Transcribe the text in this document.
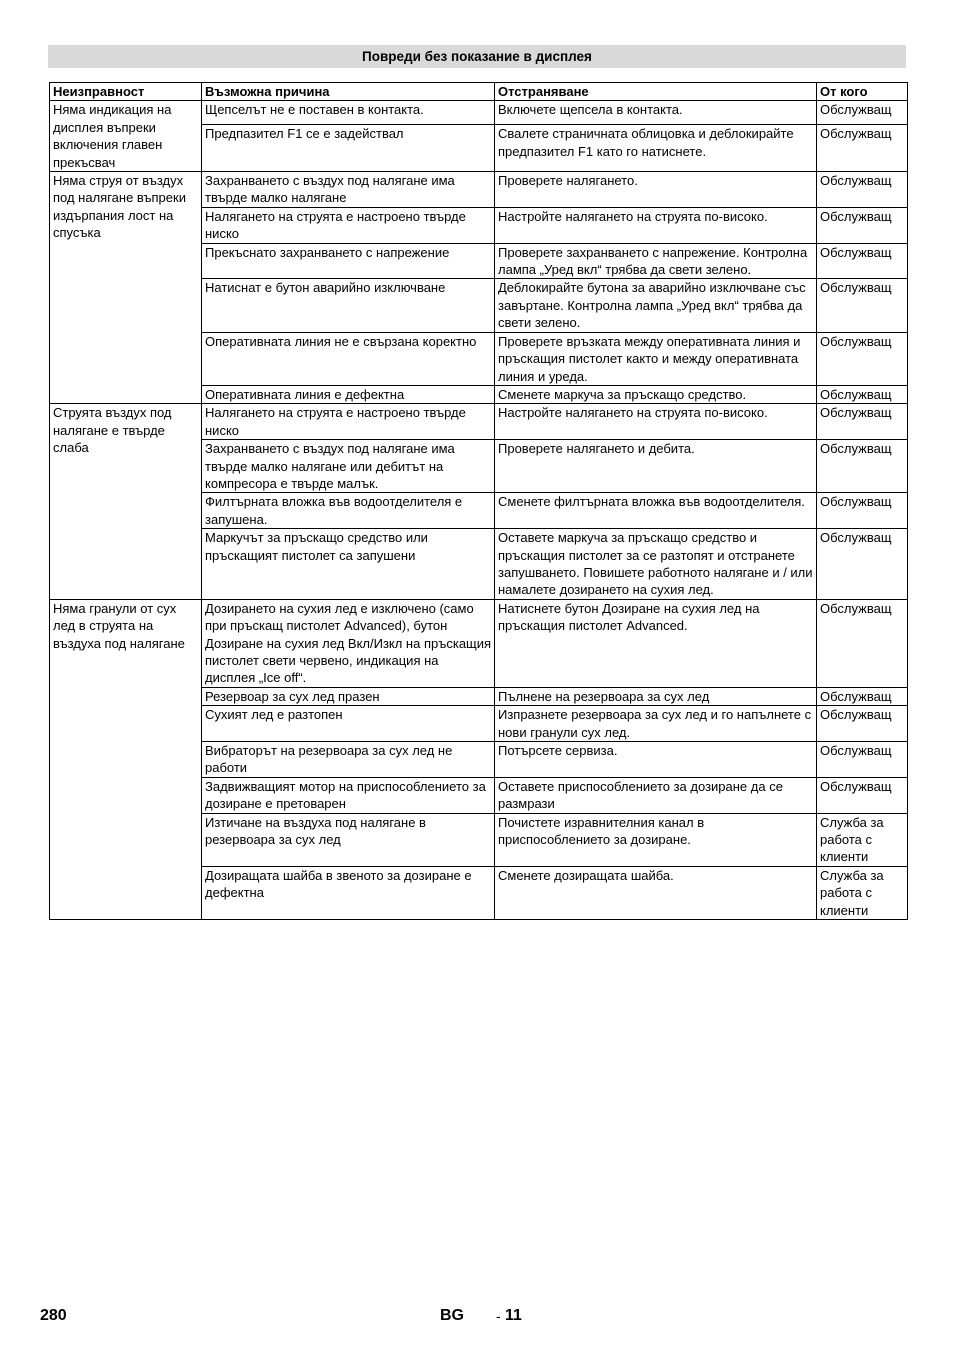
Повреди без показание в дисплея
Неизправност	Възможна причина	Отстраняване	От кого
Няма индикация на дисплея въпреки включения главен прекъсвач	Щепселът не е поставен в контакта.	Включете щепсела в контакта.	Обслужващ
	Предпазител F1 се е задействал	Свалете страничната облицовка и деблокирайте предпазител F1 като го натиснете.	Обслужващ
Няма струя от въздух под налягане въпреки издърпания лост на спусъка	Захранването с въздух под налягане има твърде малко налягане	Проверете налягането.	Обслужващ
	Налягането на струята е настроено твърде ниско	Настройте налягането на струята по-високо.	Обслужващ
	Прекъснато захранването с напрежение	Проверете захранването с напрежение. Контролна лампа „Уред вкл“ трябва да свети зелено.	Обслужващ
	Натиснат е бутон аварийно изключване	Деблокирайте бутона за аварийно изключване със завъртане. Контролна лампа „Уред вкл“ трябва да свети зелено.	Обслужващ
	Оперативната линия не е свързана коректно	Проверете връзката между оперативната линия и пръскащия пистолет както и между оперативната линия и уреда.	Обслужващ
	Оперативната линия е дефектна	Сменете маркуча за пръскащо средство.	Обслужващ
Струята въздух под налягане е твърде слаба	Налягането на струята е настроено твърде ниско	Настройте налягането на струята по-високо.	Обслужващ
	Захранването с въздух под налягане има твърде малко налягане или дебитът на компресора е твърде малък.	Проверете налягането и дебита.	Обслужващ
	Филтърната вложка във водоотделителя е запушена.	Сменете филтърната вложка във водоотделителя.	Обслужващ
	Маркучът за пръскащо средство или пръскащият пистолет са запушени	Оставете маркуча за пръскащо средство и пръскащия пистолет за се разтопят и отстранете запушването. Повишете работното налягане и / или намалете дозирането на сухия лед.	Обслужващ
Няма гранули от сух лед в струята на въздуха под налягане	Дозирането на сухия лед е изключено (само при пръскащ пистолет Advanced), бутон Дозиране на сухия лед Вкл/Изкл на пръскащия пистолет свети червено, индикация на дисплея „Ice off“.	Натиснете бутон Дозиране на сухия лед на пръскащия пистолет Advanced.	Обслужващ
	Резервоар за сух лед празен	Пълнене на резервоара за сух лед	Обслужващ
	Сухият лед е разтопен	Изпразнете резервоара за сух лед и го напълнете с нови гранули сух лед.	Обслужващ
	Вибраторът на резервоара за сух лед не работи	Потърсете сервиза.	Обслужващ
	Задвижващият мотор на приспособлението за дозиране е претоварен	Оставете приспособлението за дозиране да се размрази	Обслужващ
	Изтичане на въздуха под налягане в резервоара за сух лед	Почистете изравнителния канал в приспособлението за дозиране.	Служба за работа с клиенти
	Дозиращата шайба в звеното за дозиране е дефектна	Сменете дозиращата шайба.	Служба за работа с клиенти
280	BG - 11
